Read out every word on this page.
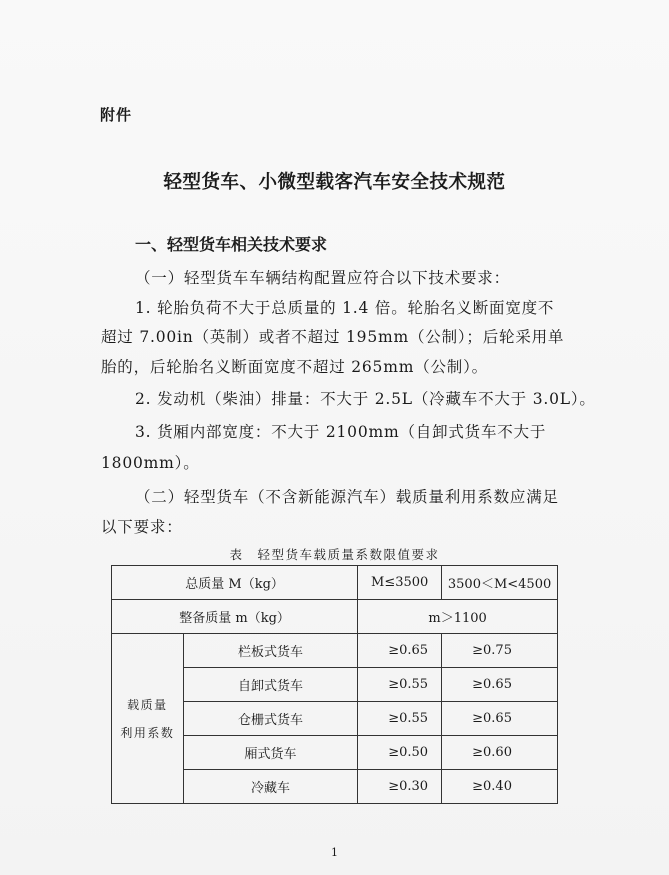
附件
轻型货车、小微型载客汽车安全技术规范
一、轻型货车相关技术要求
（一）轻型货车车辆结构配置应符合以下技术要求：
1. 轮胎负荷不大于总质量的 1.4 倍。轮胎名义断面宽度不
超过 7.00in（英制）或者不超过 195mm（公制）；后轮采用单
胎的，后轮胎名义断面宽度不超过 265mm（公制）。
2. 发动机（柴油）排量：不大于 2.5L（冷藏车不大于 3.0L）。
3. 货厢内部宽度：不大于 2100mm（自卸式货车不大于
1800mm）。
（二）轻型货车（不含新能源汽车）载质量利用系数应满足
以下要求：
表　轻型货车载质量系数限值要求
总质量 M（kg）		M≤3500	3500＜M<4500
整备质量 m（kg）		m＞1100	
载质量
利用系数	栏板式货车	≥0.65	≥0.75
	自卸式货车	≥0.55	≥0.65
	仓栅式货车	≥0.55	≥0.65
	厢式货车	≥0.50	≥0.60
	冷藏车	≥0.30	≥0.40
1
